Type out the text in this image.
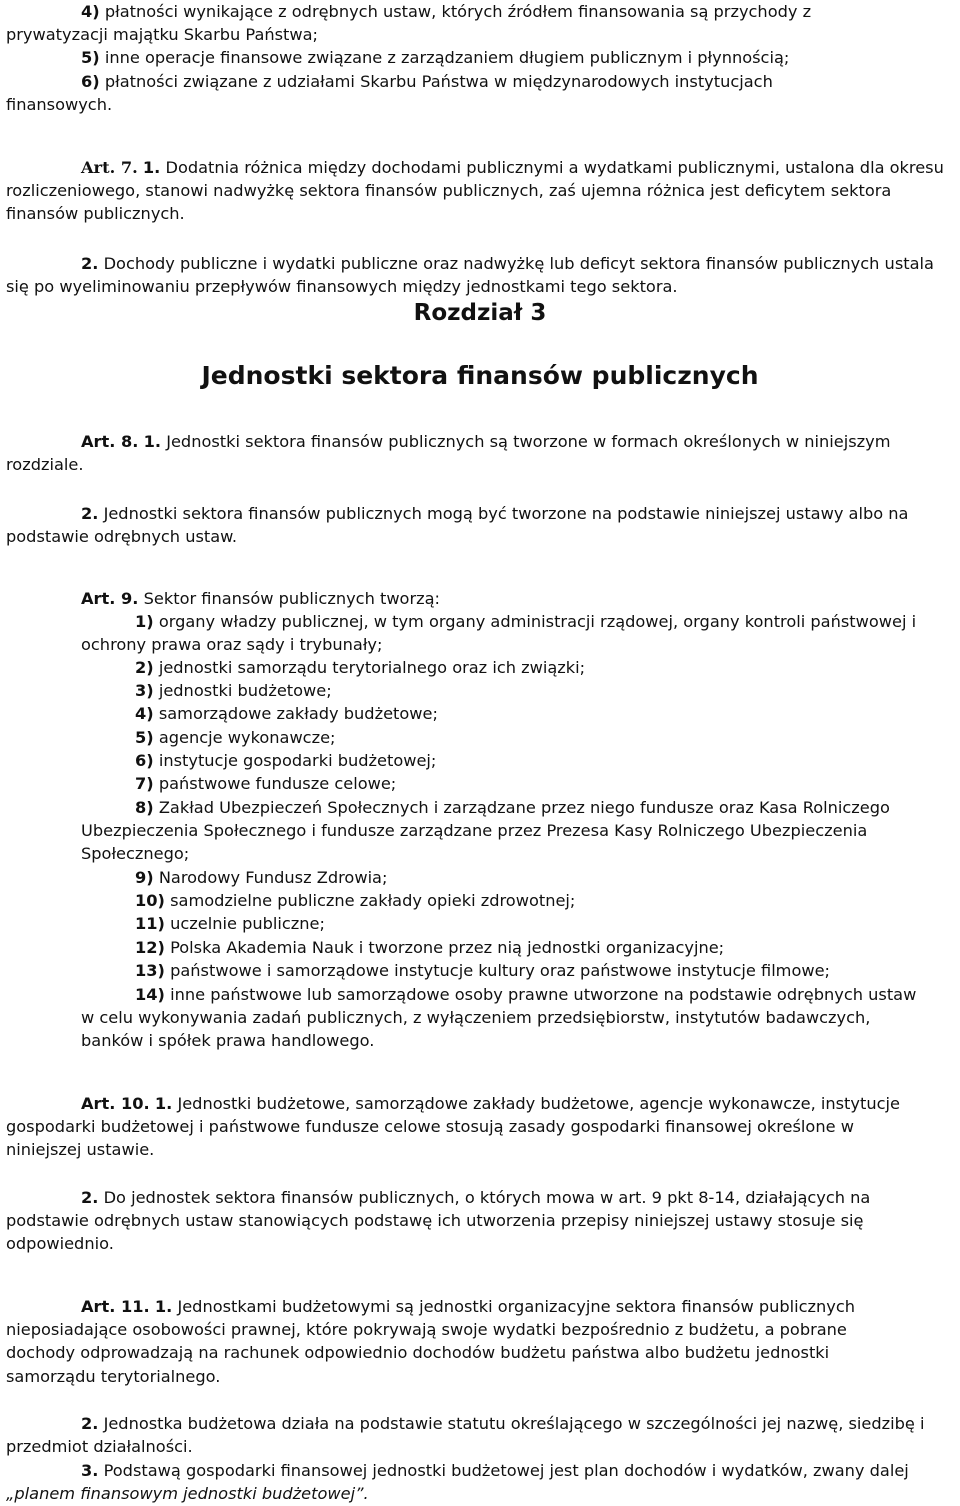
4) płatności wynikające z odrębnych ustaw, których źródłem finansowania są przychody z
prywatyzacji majątku Skarbu Państwa;
5) inne operacje finansowe związane z zarządzaniem długiem publicznym i płynnością;
6) płatności związane z udziałami Skarbu Państwa w międzynarodowych instytucjach
finansowych.
Art. 7. 1. Dodatnia różnica między dochodami publicznymi a wydatkami publicznymi, ustalona dla okresu
rozliczeniowego, stanowi nadwyżkę sektora finansów publicznych, zaś ujemna różnica jest deficytem sektora
finansów publicznych.
2. Dochody publiczne i wydatki publiczne oraz nadwyżkę lub deficyt sektora finansów publicznych ustala
się po wyeliminowaniu przepływów finansowych między jednostkami tego sektora.
Rozdział 3
Jednostki sektora finansów publicznych
Art. 8. 1. Jednostki sektora finansów publicznych są tworzone w formach określonych w niniejszym
rozdziale.
2. Jednostki sektora finansów publicznych mogą być tworzone na podstawie niniejszej ustawy albo na
podstawie odrębnych ustaw.
Art. 9. Sektor finansów publicznych tworzą:
1) organy władzy publicznej, w tym organy administracji rządowej, organy kontroli państwowej i
ochrony prawa oraz sądy i trybunały;
2) jednostki samorządu terytorialnego oraz ich związki;
3) jednostki budżetowe;
4) samorządowe zakłady budżetowe;
5) agencje wykonawcze;
6) instytucje gospodarki budżetowej;
7) państwowe fundusze celowe;
8) Zakład Ubezpieczeń Społecznych i zarządzane przez niego fundusze oraz Kasa Rolniczego
Ubezpieczenia Społecznego i fundusze zarządzane przez Prezesa Kasy Rolniczego Ubezpieczenia
Społecznego;
9) Narodowy Fundusz Zdrowia;
10) samodzielne publiczne zakłady opieki zdrowotnej;
11) uczelnie publiczne;
12) Polska Akademia Nauk i tworzone przez nią jednostki organizacyjne;
13) państwowe i samorządowe instytucje kultury oraz państwowe instytucje filmowe;
14) inne państwowe lub samorządowe osoby prawne utworzone na podstawie odrębnych ustaw
w celu wykonywania zadań publicznych, z wyłączeniem przedsiębiorstw, instytutów badawczych,
banków i spółek prawa handlowego.
Art. 10. 1. Jednostki budżetowe, samorządowe zakłady budżetowe, agencje wykonawcze, instytucje
gospodarki budżetowej i państwowe fundusze celowe stosują zasady gospodarki finansowej określone w
niniejszej ustawie.
2. Do jednostek sektora finansów publicznych, o których mowa w art. 9 pkt 8-14, działających na
podstawie odrębnych ustaw stanowiących podstawę ich utworzenia przepisy niniejszej ustawy stosuje się
odpowiednio.
Art. 11. 1. Jednostkami budżetowymi są jednostki organizacyjne sektora finansów publicznych
nieposiadające osobowości prawnej, które pokrywają swoje wydatki bezpośrednio z budżetu, a pobrane
dochody odprowadzają na rachunek odpowiednio dochodów budżetu państwa albo budżetu jednostki
samorządu terytorialnego.
2. Jednostka budżetowa działa na podstawie statutu określającego w szczególności jej nazwę, siedzibę i
przedmiot działalności.
3. Podstawą gospodarki finansowej jednostki budżetowej jest plan dochodów i wydatków, zwany dalej
„planem finansowym jednostki budżetowej”.
